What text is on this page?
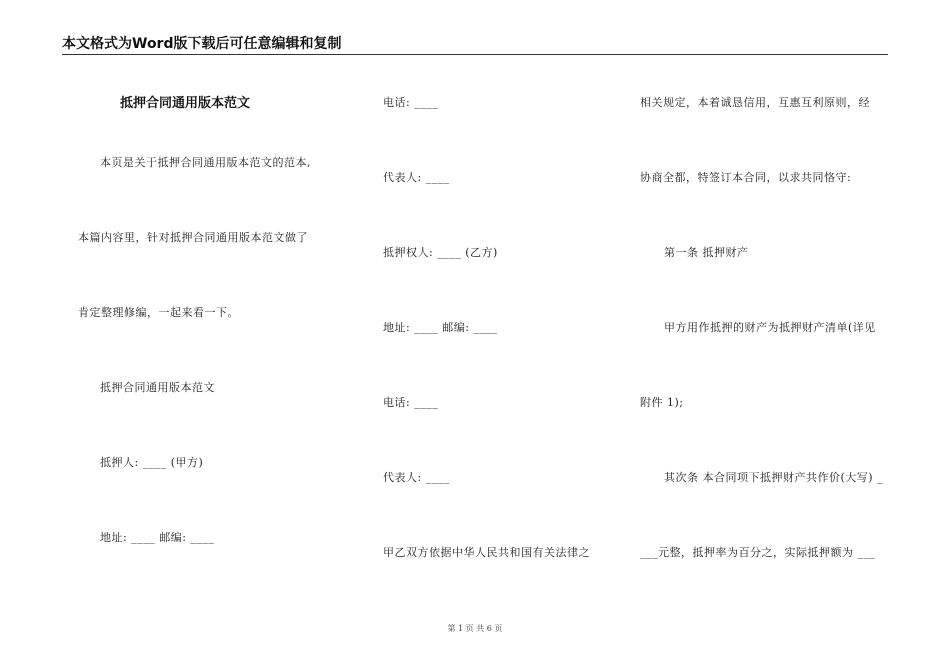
本文格式为Word版下载后可任意编辑和复制
抵押合同通用版本范文
本页是关于抵押合同通用版本范文的范本,
本篇内容里，针对抵押合同通用版本范文做了
肯定整理修编，一起来看一下。
抵押合同通用版本范文
抵押人: ____ (甲方)
地址: ____ 邮编: ____
电话: ____
代表人: ____
抵押权人: ____ (乙方)
地址: ____ 邮编: ____
电话: ____
代表人: ____
甲乙双方依据中华人民共和国有关法律之
相关规定，本着诚恳信用，互惠互利原则，经
协商全都，特签订本合同，以求共同恪守:
第一条 抵押财产
甲方用作抵押的财产为抵押财产清单(详见
附件 1);
其次条 本合同项下抵押财产共作价(大写) _
___元整，抵押率为百分之，实际抵押额为 ___
第 1 页 共 6 页
